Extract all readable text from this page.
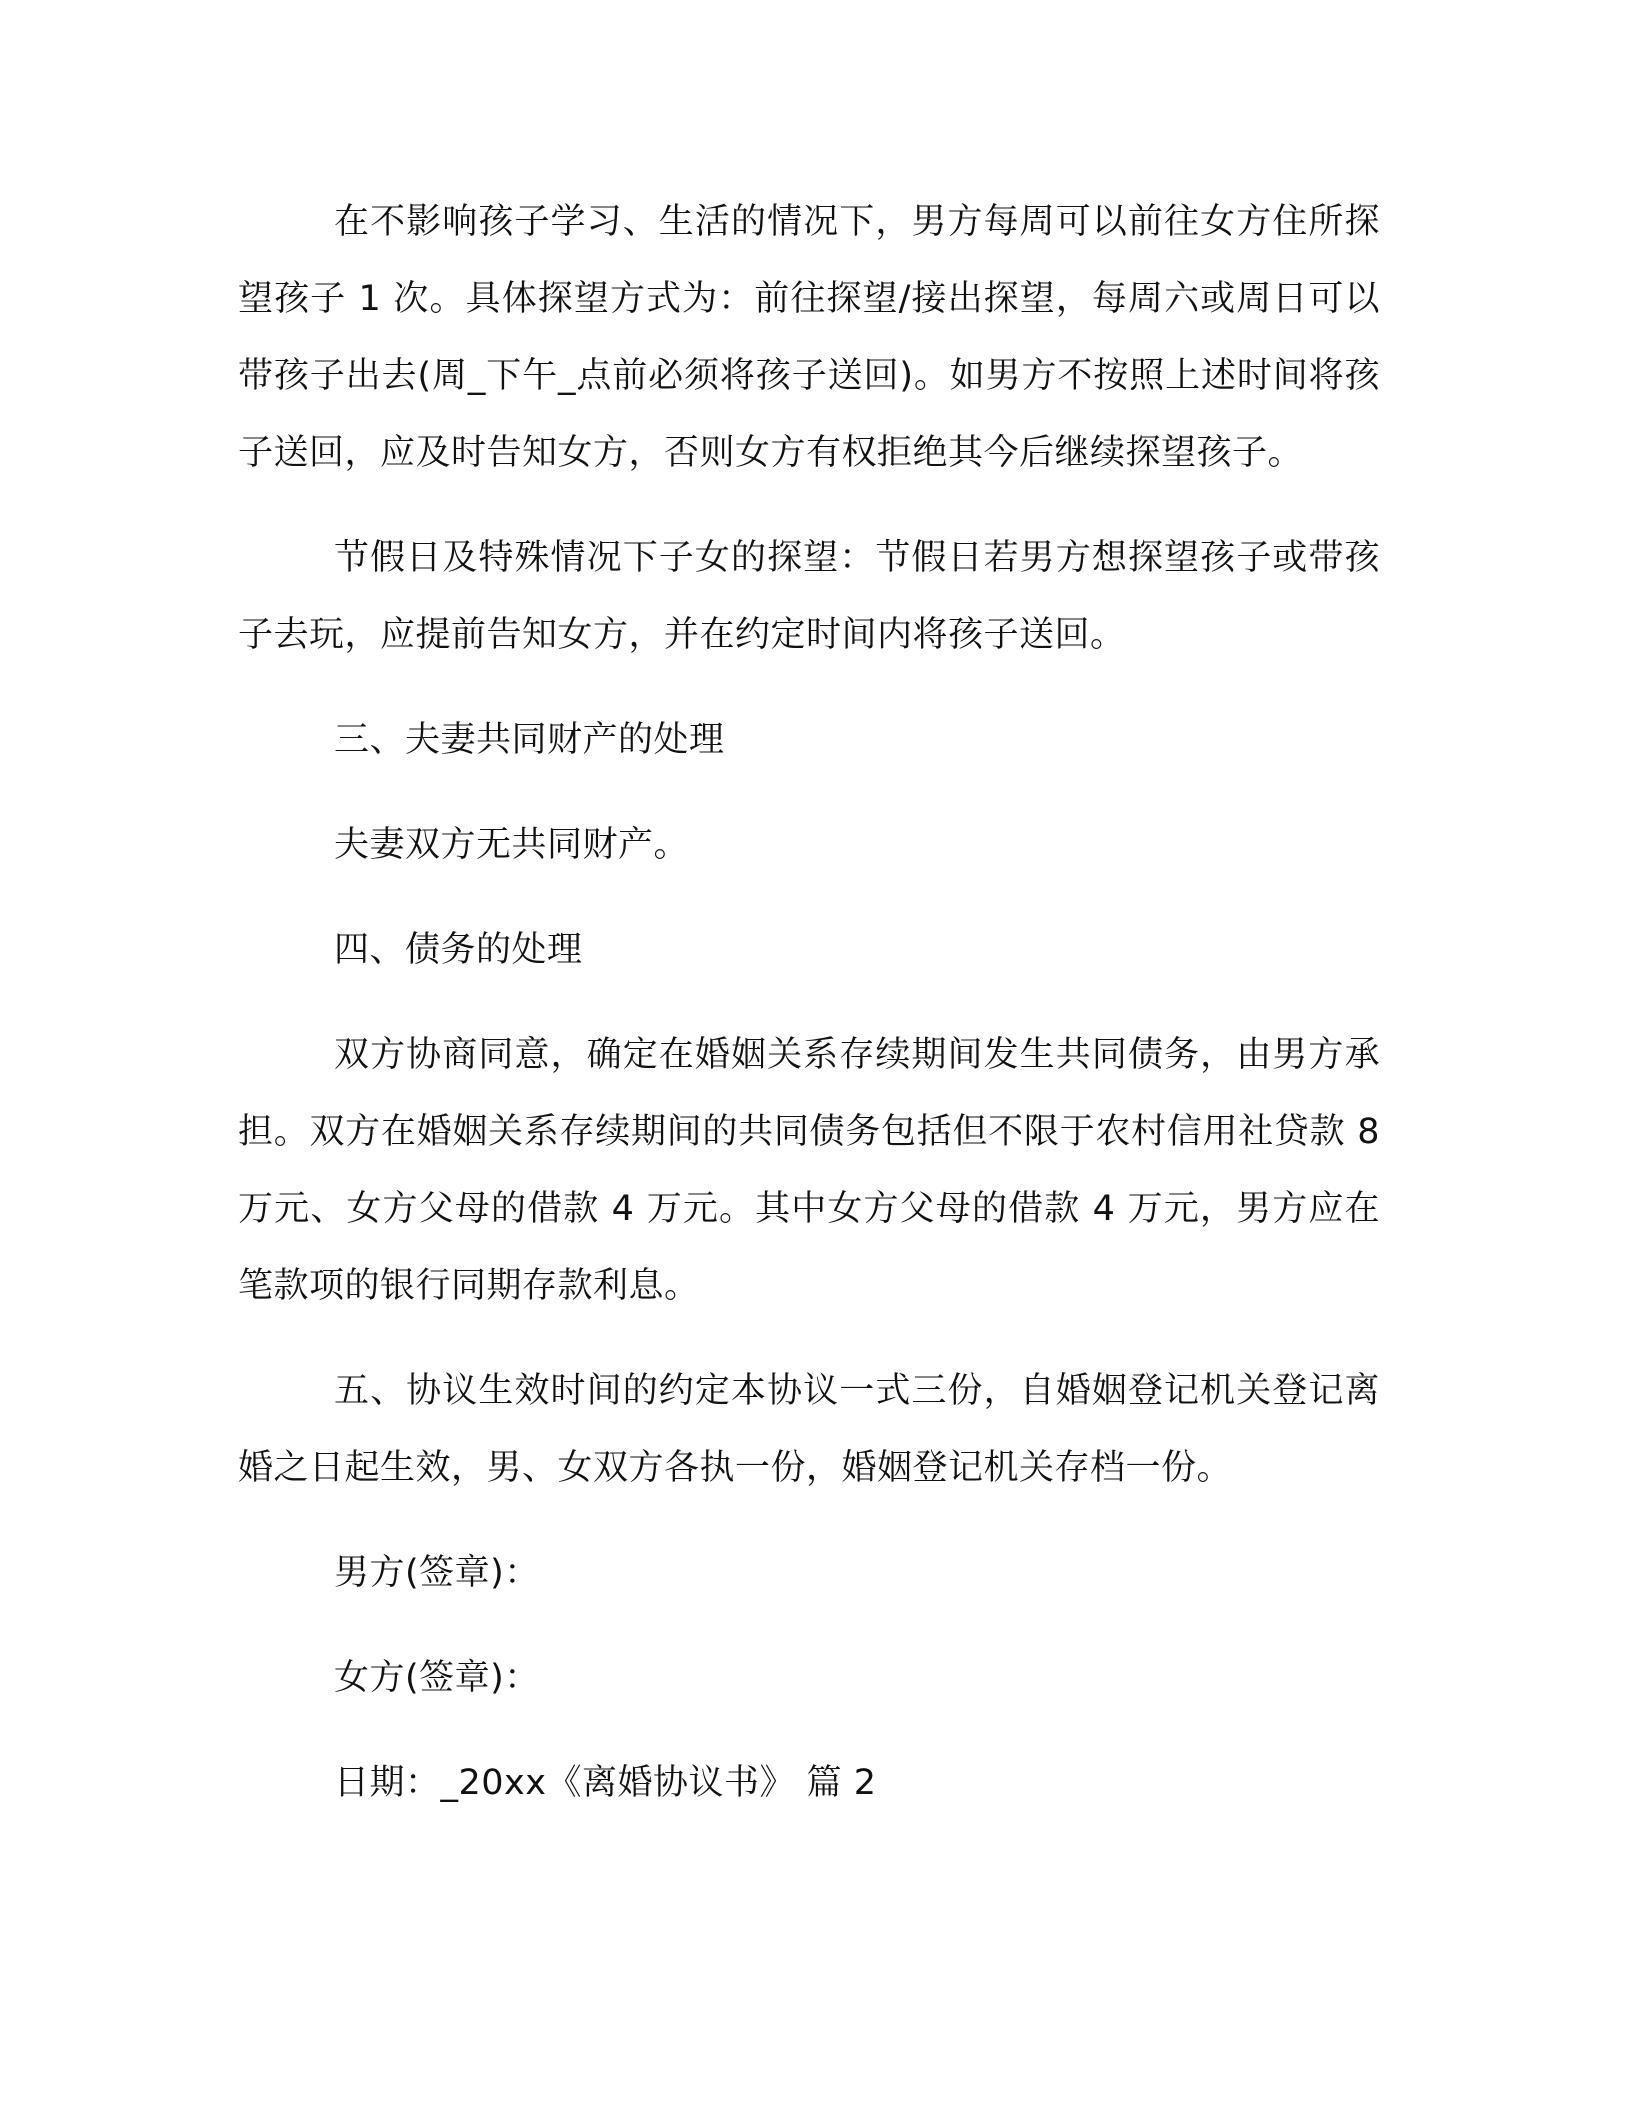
在不影响孩子学习、生活的情况下，男方每周可以前往女方住所探望孩子 1 次。具体探望方式为：前往探望/接出探望，每周六或周日可以带孩子出去(周_下午_点前必须将孩子送回)。如男方不按照上述时间将孩子送回，应及时告知女方，否则女方有权拒绝其今后继续探望孩子。

节假日及特殊情况下子女的探望：节假日若男方想探望孩子或带孩子去玩，应提前告知女方，并在约定时间内将孩子送回。

三、夫妻共同财产的处理

夫妻双方无共同财产。

四、债务的处理

双方协商同意，确定在婚姻关系存续期间发生共同债务，由男方承担。双方在婚姻关系存续期间的共同债务包括但不限于农村信用社贷款 8 万元、女方父母的借款 4 万元。其中女方父母的借款 4 万元，男方应在笔款项的银行同期存款利息。

五、协议生效时间的约定本协议一式三份，自婚姻登记机关登记离婚之日起生效，男、女双方各执一份，婚姻登记机关存档一份。

男方(签章)：

女方(签章)：

日期：_20xx《离婚协议书》 篇 2
